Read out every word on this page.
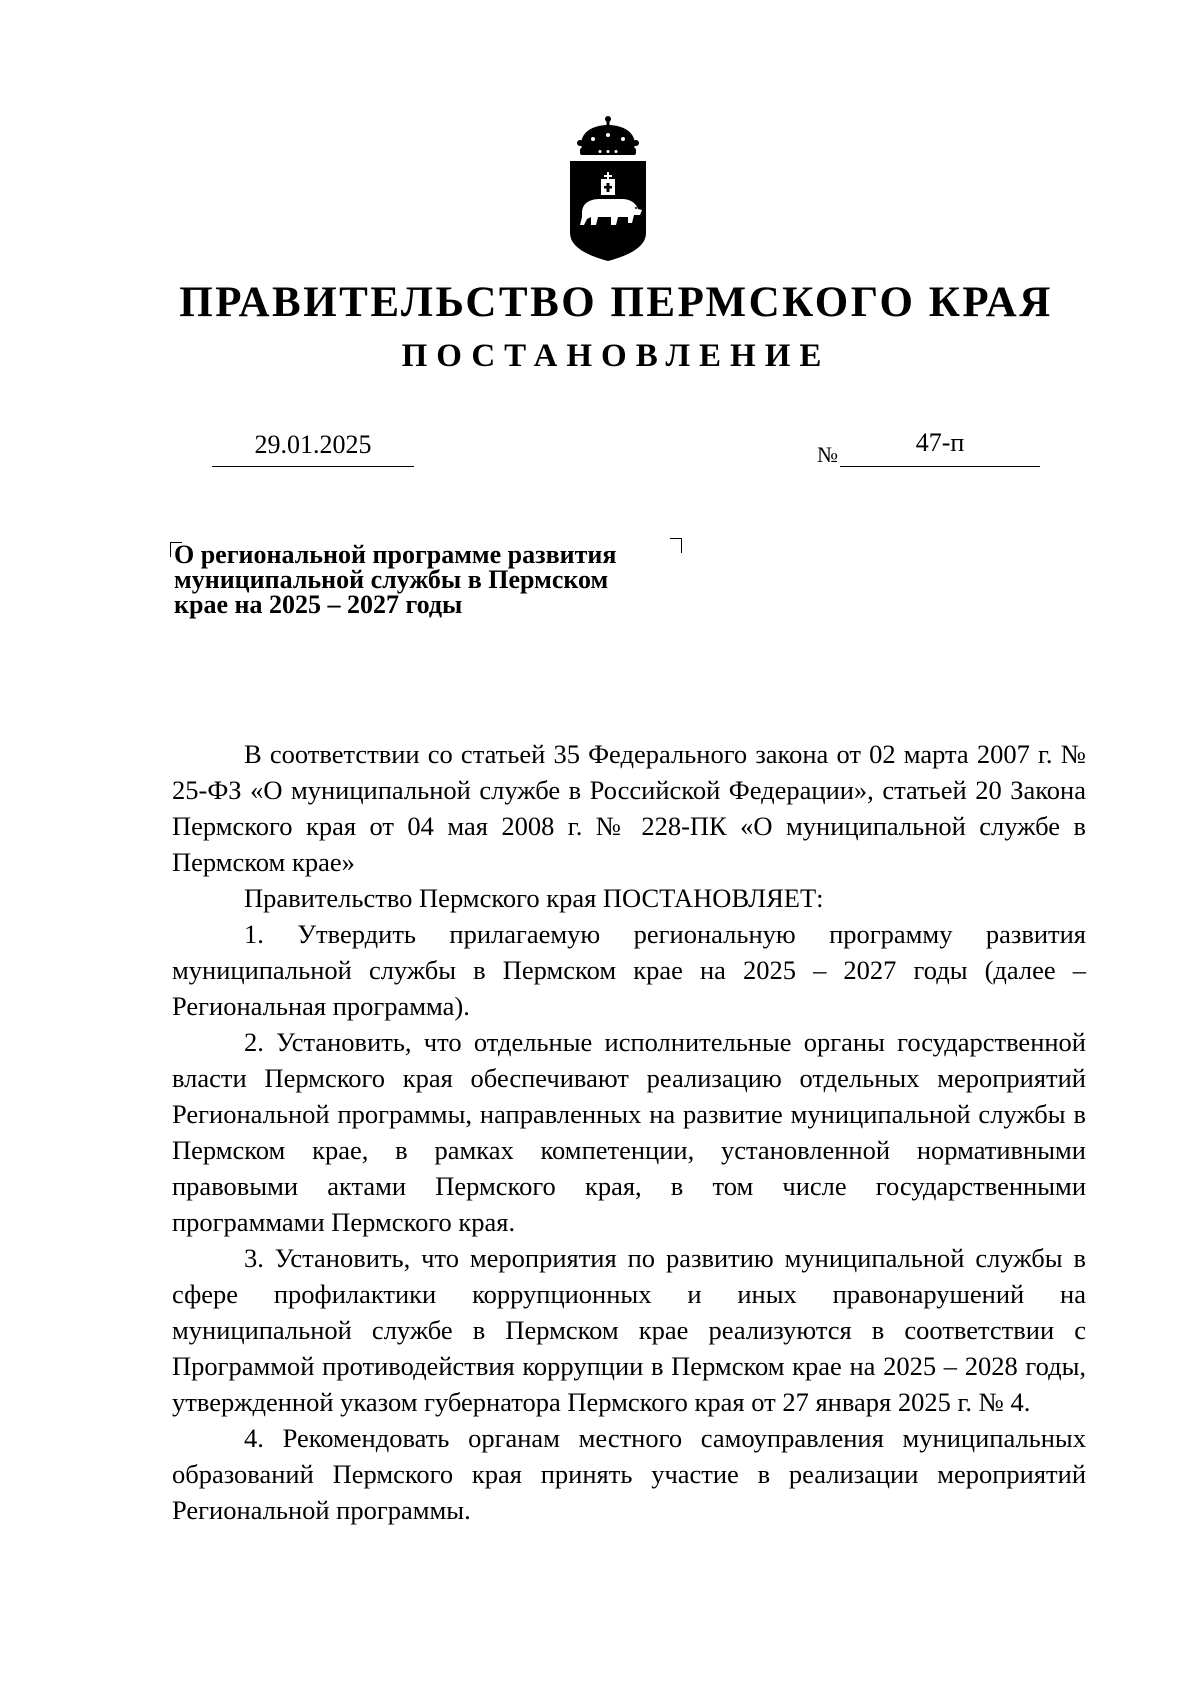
ПРАВИТЕЛЬСТВО ПЕРМСКОГО КРАЯ
ПОСТАНОВЛЕНИЕ
29.01.2025	№	47-п
О региональной программе развития
муниципальной службы в Пермском
крае на 2025 – 2027 годы

В соответствии со статьей 35 Федерального закона от 02 марта 2007 г. № 25-ФЗ «О муниципальной службе в Российской Федерации», статьей 20 Закона Пермского края от 04 мая 2008 г. № 228-ПК «О муниципальной службе в Пермском крае»

Правительство Пермского края ПОСТАНОВЛЯЕТ:

1. Утвердить прилагаемую региональную программу развития муниципальной службы в Пермском крае на 2025 – 2027 годы (далее – Региональная программа).

2. Установить, что отдельные исполнительные органы государственной власти Пермского края обеспечивают реализацию отдельных мероприятий Региональной программы, направленных на развитие муниципальной службы в Пермском крае, в рамках компетенции, установленной нормативными правовыми актами Пермского края, в том числе государственными программами Пермского края.

3. Установить, что мероприятия по развитию муниципальной службы в сфере профилактики коррупционных и иных правонарушений на муниципальной службе в Пермском крае реализуются в соответствии с Программой противодействия коррупции в Пермском крае на 2025 – 2028 годы, утвержденной указом губернатора Пермского края от 27 января 2025 г. № 4.

4. Рекомендовать органам местного самоуправления муниципальных образований Пермского края принять участие в реализации мероприятий Региональной программы.
